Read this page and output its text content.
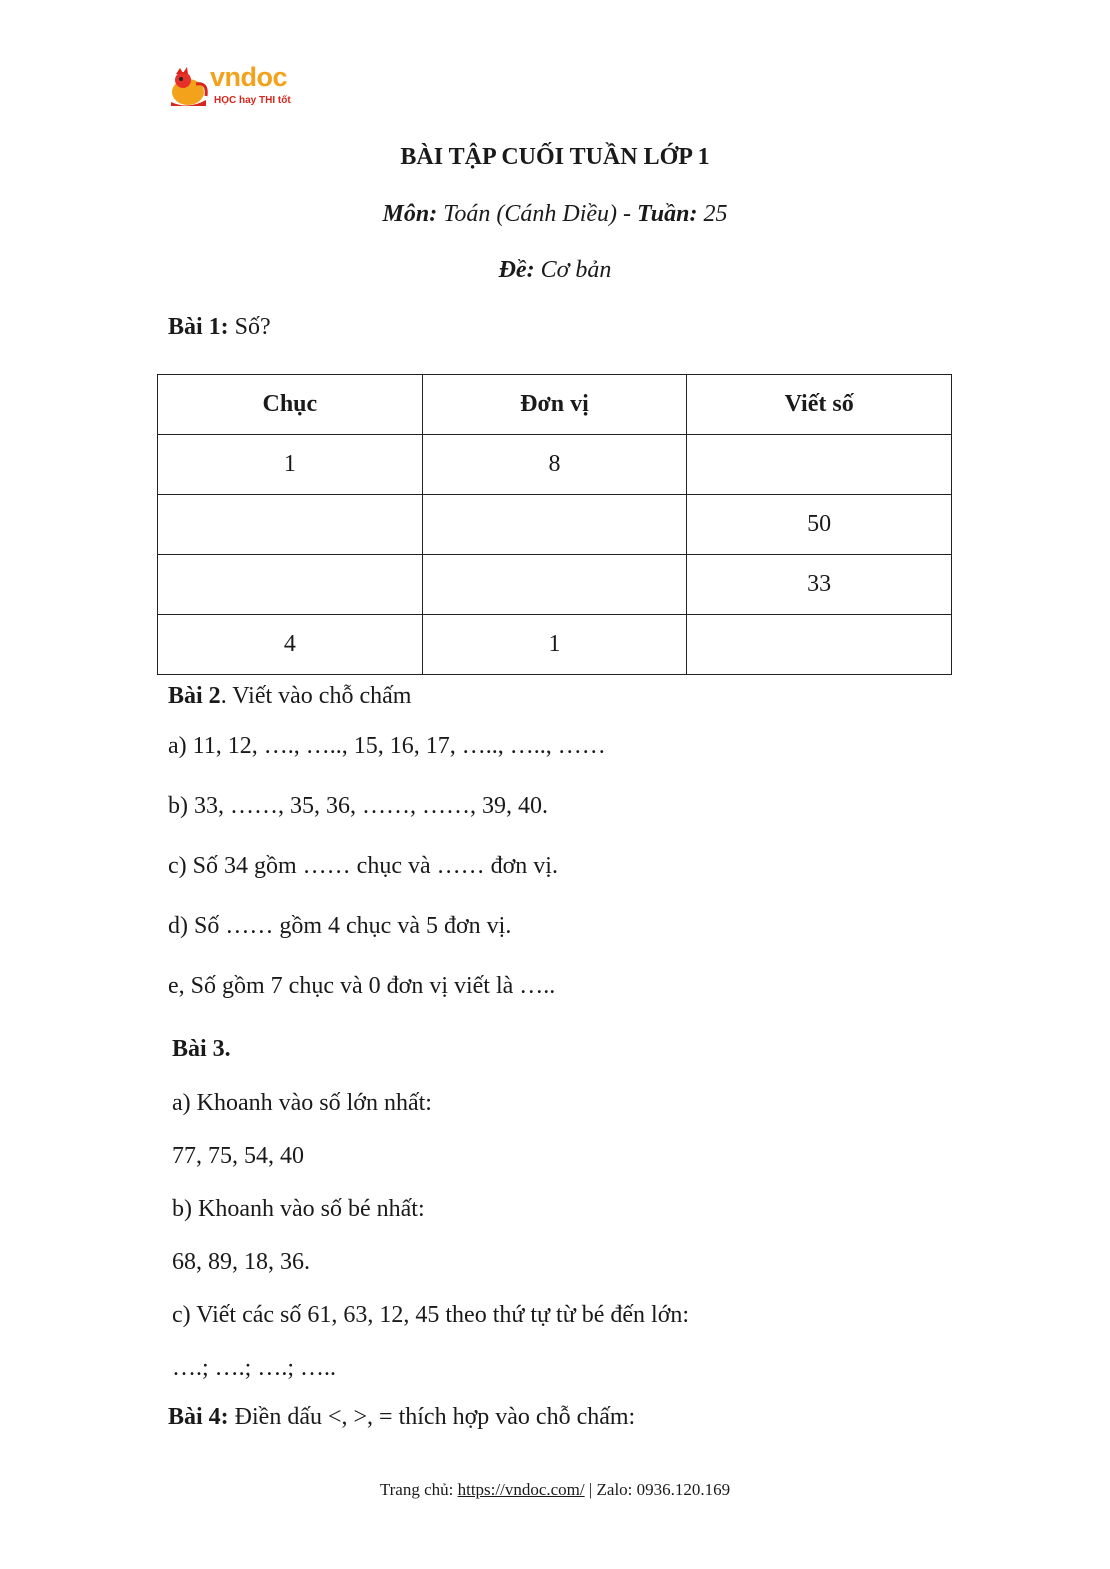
vndoc
HỌC hay THI tốt
BÀI TẬP CUỐI TUẦN LỚP 1
Môn: Toán (Cánh Diều) - Tuần: 25
Đề: Cơ bản
Bài 1: Số?
Chục	Đơn vị	Viết số
1	8	
		50
		33
4	1	
Bài 2. Viết vào chỗ chấm
a) 11, 12, …., ….., 15, 16, 17, ….., ….., ……
b) 33, ……, 35, 36, ……, ……, 39, 40.
c) Số 34 gồm …… chục và …… đơn vị.
d) Số …… gồm 4 chục và 5 đơn vị.
e, Số gồm 7 chục và 0 đơn vị viết là …..
Bài 3.
a) Khoanh vào số lớn nhất:
77, 75, 54, 40
b) Khoanh vào số bé nhất:
68, 89, 18, 36.
c) Viết các số 61, 63, 12, 45 theo thứ tự từ bé đến lớn:
….; ….; ….; …..
Bài 4: Điền dấu <, >, = thích hợp vào chỗ chấm:
Trang chủ: https://vndoc.com/ | Zalo: 0936.120.169
